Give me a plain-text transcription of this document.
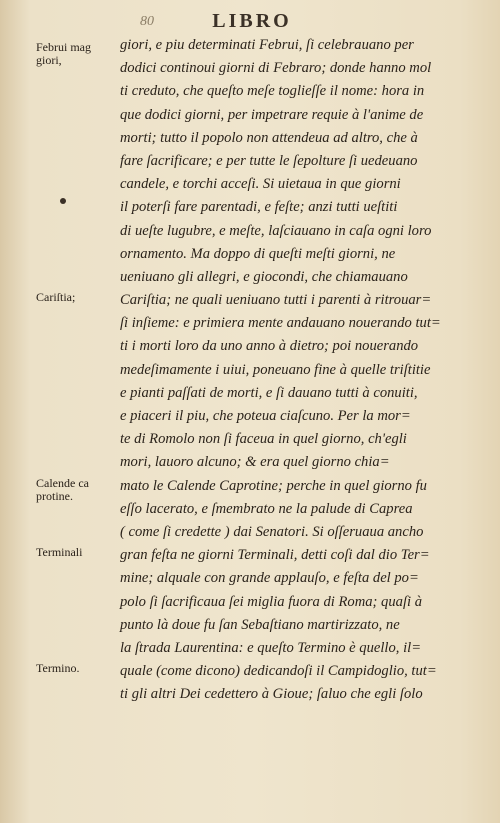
80	LIBRO
Februi mag giori,
Cariſtia;
Calende ca protine.
Terminali
Termino.
giori, e piu determinati Februi, ſi celebrauano per
dodici continoui giorni di Febraro; donde hanno mol
ti creduto, che queſto meſe toglieſſe il nome: hora in
que dodici giorni, per impetrare requie à l'anime de
morti; tutto il popolo non attendeua ad altro, che à
fare ſacrificare; e per tutte le ſepolture ſi uedeuano
candele, e torchi acceſi. Si uietaua in que giorni
il poterſi fare parentadi, e feſte; anzi tutti ueſtiti
di ueſte lugubre, e meſte, laſciauano in caſa ogni loro
ornamento. Ma doppo di queſti meſti giorni, ne
ueniuano gli allegri, e giocondi, che chiamauano
Cariſtia; ne quali ueniuano tutti i parenti à ritrouar=
ſi inſieme: e primiera mente andauano nouerando tut=
ti i morti loro da uno anno à dietro; poi nouerando
medeſimamente i uiui, poneuano fine à quelle triſtitie
e pianti paſſati de morti, e ſi dauano tutti à conuiti,
e piaceri il piu, che poteua ciaſcuno. Per la mor=
te di Romolo non ſi faceua in quel giorno, ch'egli
mori, lauoro alcuno; & era quel giorno chia=
mato le Calende Caprotine; perche in quel giorno fu
eſſo lacerato, e ſmembrato ne la palude di Caprea
( come ſi credette ) dai Senatori. Si oſſeruaua ancho
gran feſta ne giorni Terminali, detti coſi dal dio Ter=
mine; alquale con grande applauſo, e feſta del po=
polo ſi ſacrificaua ſei miglia fuora di Roma; quaſi à
punto là doue fu ſan Sebaſtiano martirizzato, ne
la ſtrada Laurentina: e queſto Termino è quello, il=
quale (come dicono) dedicandoſi il Campidoglio, tut=
ti gli altri Dei cedettero à Gioue; ſaluo che egli ſolo
